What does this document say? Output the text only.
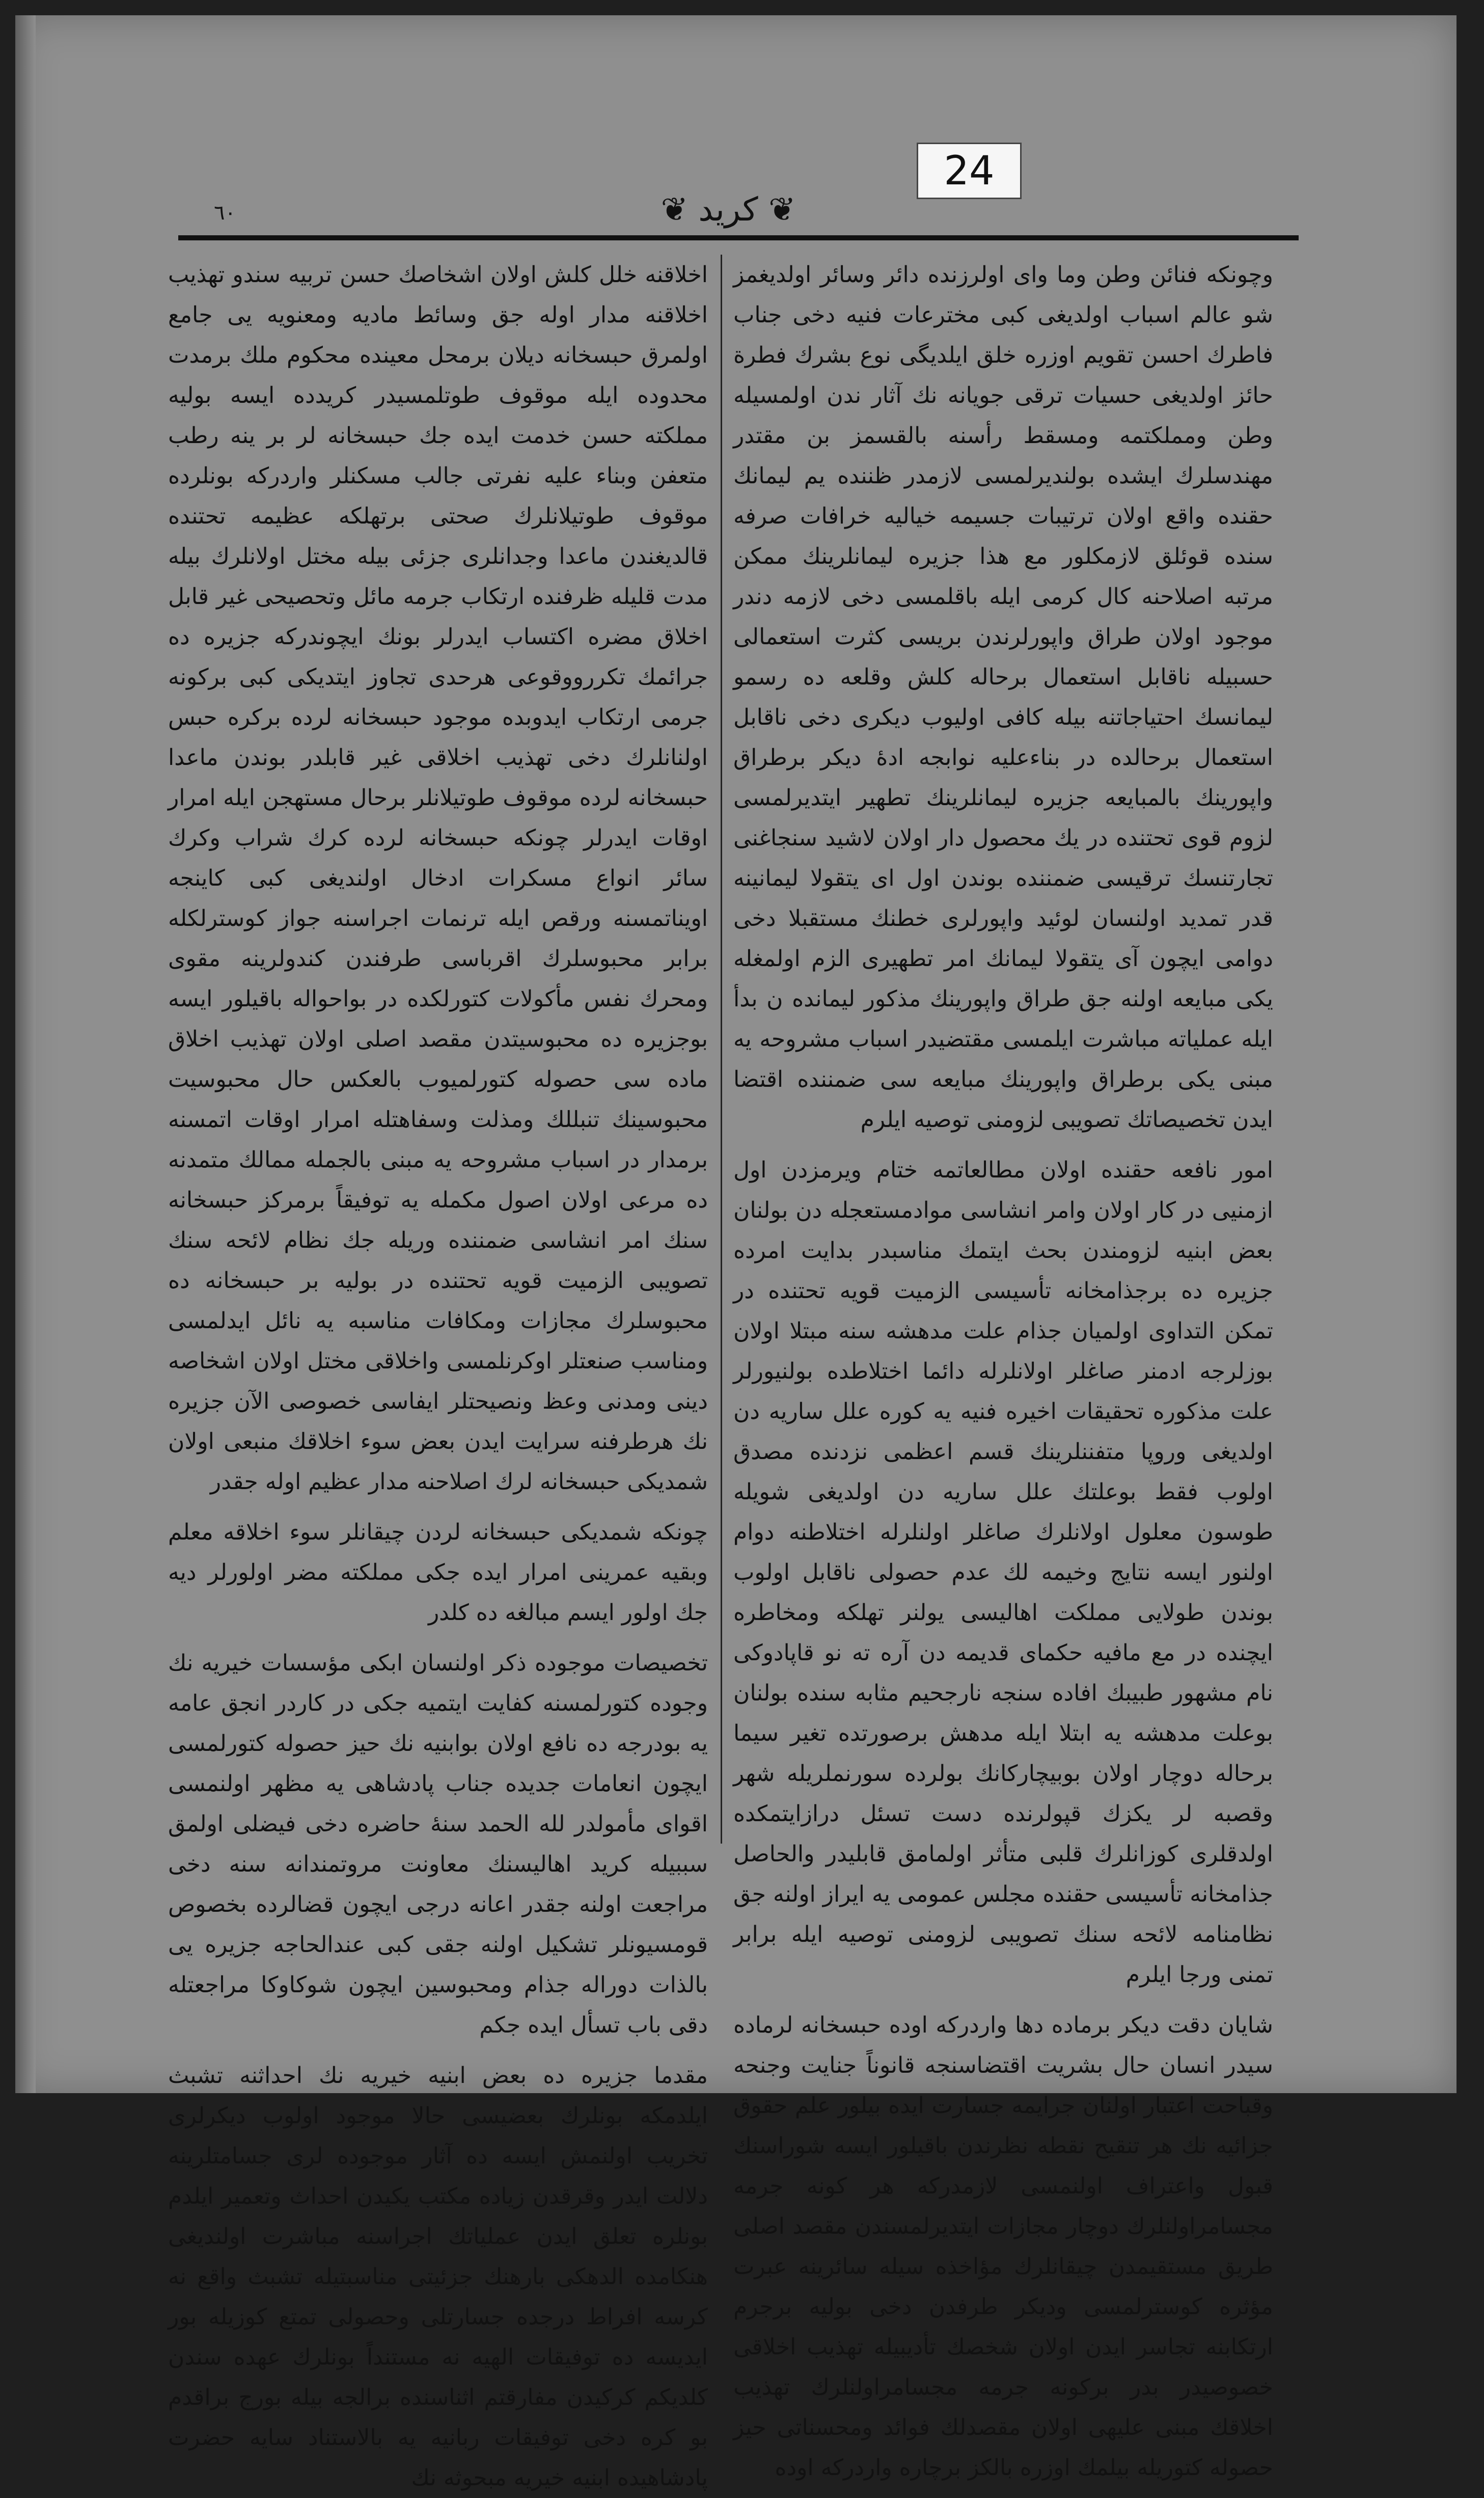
24
٦٠	❦ كريد ❦

وچونكه فنائن وطن وما وای اولرزنده دائر وسائر اولدیغمز شو عالم اسباب اولدیغی كبی مخترعات فنیه دخی جناب فاطرك احسن تقویم اوزره خلق ایلدیگی نوع بشرك فطرة حائز اولدیغی حسیات ترقی جویانه نك آثار ندن اولمسیله وطن ومملكتمه ومسقط رأسنه بالقسمز بن مقتدر مهندسلرك ایشده بولندیرلمسی لازمدر ظننده یم لیمانك حقنده واقع اولان ترتیبات جسیمه خیالیه خرافات صرفه سنده قوئلق لازمكلور مع هذا جزیره لیمانلرینك ممكن مرتبه اصلاحنه كال كرمی ایله باقلمسی دخی لازمه دندر موجود اولان طراق واپورلرندن بریسی كثرت استعمالی حسبیله ناقابل استعمال برحاله كلش وقلعه ده رسمو لیمانسك احتیاجاتنه بیله كافی اولیوب دیكری دخی ناقابل استعمال برحالده در بناءعلیه نوابجه ادهٔ دیكر برطراق واپورینك بالمبایعه جزیره لیمانلرینك تطهیر ایتدیرلمسی لزوم قوی تحتنده در یك محصول دار اولان لاشید سنجاغنی تجارتنسك ترقیسی ضمننده بوندن اول ای یتقولا لیمانینه قدر تمدید اولنسان لوئید واپورلری خطنك مستقبلا دخی دوامی ایچون آی یتقولا لیمانك امر تطهیری الزم اولمغله یكی مبایعه اولنه جق طراق واپورینك مذكور لیمانده ن بدأ ایله عملیاته مباشرت ایلمسی مقتضیدر اسباب مشروحه یه مبنی یكی برطراق واپورینك مبایعه سی ضمننده اقتضا ایدن تخصیصاتك تصویبی لزومنی توصیه ایلرم

امور نافعه حقنده اولان مطالعاتمه ختام ویرمزدن اول ازمنیی در كار اولان وامر انشاسی موادمستعجله دن بولنان بعض ابنیه لزومندن بحث ایتمك مناسبدر بدایت امرده جزیره ده برجذامخانه تأسیسی الزمیت قویه تحتنده در تمكن التداوی اولمیان جذام علت مدهشه سنه مبتلا اولان بوزلرجه ادمنر صاغلر اولانلرله دائما اختلاطده بولنیورلر علت مذكوره تحقیقات اخیره فنیه یه كوره علل ساریه دن اولدیغی وروپا متفننلرینك قسم اعظمی نزدنده مصدق اولوب فقط بوعلتك علل ساریه دن اولدیغی شویله طوسون معلول اولانلرك صاغلر اولنلرله اختلاطنه دوام اولنور ایسه نتایج وخیمه لك عدم حصولی ناقابل اولوب بوندن طولایی مملكت اهالیسی یولنر تهلكه ومخاطره ایچنده در مع مافیه حكمای قدیمه دن آره ته نو قاپادوكی نام مشهور طبیبك افاده سنجه نارجحیم مثابه سنده بولنان بوعلت مدهشه یه ابتلا ایله مدهش برصورتده تغیر سیما برحاله دوچار اولان بوبیچاركانك بولرده سورنملریله شهر وقصبه لر یكزك قپولرنده دست تسئل درازایتمكده اولدقلری كوزانلرك قلبی متأثر اولمامق قابلیدر والحاصل جذامخانه تأسیسی حقنده مجلس عمومی یه ایراز اولنه جق نظامنامه لائحه سنك تصویبی لزومنی توصیه ایله برابر تمنی ورجا ایلرم

شایان دقت دیكر برماده دها واردركه اوده حبسخانه لرماده سیدر انسان حال بشریت اقتضاسنجه قانوناً جنایت وجنحه وقباحت اعتبار اولنان جرایمه جسارت ایده بیلور علم حقوق جزائیه نك هر تنقیح نقطه نظرندن باقیلور ایسه شوراسنك قبول واعتراف اولنمسی لازمدركه هر كونه جرمه مجسامراولنلرك دوچار مجازات ایتدیرلمسندن مقصد اصلی طریق مستقیمدن چیقانلرك مؤاخذه سیله سائرینه عبرت مؤثره كوسترلمسی ودیكر طرفدن دخی بولیه برجرم ارتكابنه تجاسر ایدن اولان شخصك تأدیبیله تهذیب اخلاقی خصوصیدر بدر بركونه جرمه مجسامراولنلرك تهذیب اخلاقك مبنی علیهی اولان مقصدلك فوائد ومحسناتی حیز حصوله كتوریله بیلمك اوزره بالكز برچاره واردركه اوده

اخلاقنه خلل كلش اولان اشخاصك حسن تربیه سندو تهذیب اخلاقنه مدار اوله جق وسائط مادیه ومعنویه یی جامع اولمرق حبسخانه دیلان برمحل معینده محكوم ملك برمدت محدوده ایله موقوف طوتلمسیدر كریدده ایسه بولیه مملكته حسن خدمت ایده جك حبسخانه لر بر ینه رطب متعفن وبناء علیه نفرتی جالب مسكنلر واردركه بونلرده موقوف طوتیلانلرك صحتی برتهلكه عظیمه تحتنده قالدیغندن ماعدا وجدانلری جزئی بیله مختل اولانلرك بیله مدت قلیله ظرفنده ارتكاب جرمه مائل وتحصیحی غیر قابل اخلاق مضره اكتساب ایدرلر بونك ایچوندركه جزیره ده جرائمك تكررووقوعی هرحدی تجاوز ایتدیكی كبی بركونه جرمی ارتكاب ایدوبده موجود حبسخانه لرده بركره حبس اولنانلرك دخی تهذیب اخلاقی غیر قابلدر بوندن ماعدا حبسخانه لرده موقوف طوتیلانلر برحال مستهجن ایله امرار اوقات ایدرلر چونكه حبسخانه لرده كرك شراب وكرك سائر انواع مسكرات ادخال اولندیغی كبی كاینجه اویناتمسنه ورقص ایله ترنمات اجراسنه جواز كوسترلكله برابر محبوسلرك اقرباسی طرفندن كندولرینه مقوی ومحرك نفس مأكولات كتورلكده در بواحواله باقیلور ایسه بوجزیره ده محبوسیتدن مقصد اصلی اولان تهذیب اخلاق ماده سی حصوله كتورلمیوب بالعكس حال محبوسیت محبوسینك تنبللك ومذلت وسفاهتله امرار اوقات اتمسنه برمدار در اسباب مشروحه یه مبنی بالجمله ممالك متمدنه ده مرعی اولان اصول مكمله یه توفیقاً برمركز حبسخانه سنك امر انشاسی ضمننده وریله جك نظام لائحه سنك تصویبی الزمیت قویه تحتنده در بولیه بر حبسخانه ده محبوسلرك مجازات ومكافات مناسبه یه نائل ایدلمسی ومناسب صنعتلر اوكرنلمسی واخلاقی مختل اولان اشخاصه دینی ومدنی وعظ ونصیحتلر ایفاسی خصوصی الآن جزیره نك هرطرفنه سرایت ایدن بعض سوء اخلاقك منبعی اولان شمدیكی حبسخانه لرك اصلاحنه مدار عظیم اوله جقدر

چونكه شمدیكی حبسخانه لردن چیقانلر سوء اخلاقه معلم وبقیه عمرینی امرار ایده جكی مملكته مضر اولورلر دیه جك اولور ایسم مبالغه ده كلدر

تخصیصات موجوده ذكر اولنسان ابكی مؤسسات خیریه نك وجوده كتورلمسنه كفایت ایتمیه جكی در كاردر انجق عامه یه بودرجه ده نافع اولان بوابنیه نك حیز حصوله كتورلمسی ایچون انعامات جدیده جناب پادشاهی یه مظهر اولنمسی اقوای مأمولدر لله الحمد سنهٔ حاضره دخی فیضلی اولمق سببیله كرید اهالیسنك معاونت مروتمندانه سنه دخی مراجعت اولنه جقدر اعانه درجی ایچون قضالرده بخصوص قومسیونلر تشكیل اولنه جقی كبی عندالحاجه جزیره یی بالذات دوراله جذام ومحبوسین ایچون شوكاوكا مراجعتله دقی باب تسأل ایده جكم

مقدما جزیره ده بعض ابنیه خیریه نك احداثنه تشبث ایلدمكه بونلرك بعضیسی حالا موجود اولوب دیكرلری تخریب اولنمش ایسه ده آثار موجوده لری جسامتلرینه دلالت ایدر وقرقدن زیاده مكتب یكیدن احداث وتعمیر ایلدم بونلره تعلق ایدن عملیاتك اجراسنه مباشرت اولندیغی هنكامده الدهكی بارهنك جزئیتی مناسبتیله تشبث واقع نه كرسه افراط درجده جسارتلی وحصولی تمتع كوزیله بور ایدیسه ده توفیقات الهیه نه مستنداً بونلرك عهده سندن كلدیكم كركیدن مفارقتم اثناسنده برالجه بیله بورج براقدم بو كره دخی توفیقات ربانیه یه بالاستناد سایه حضرت پادشاهیده ابنیه خیریه مبحوثه نك
